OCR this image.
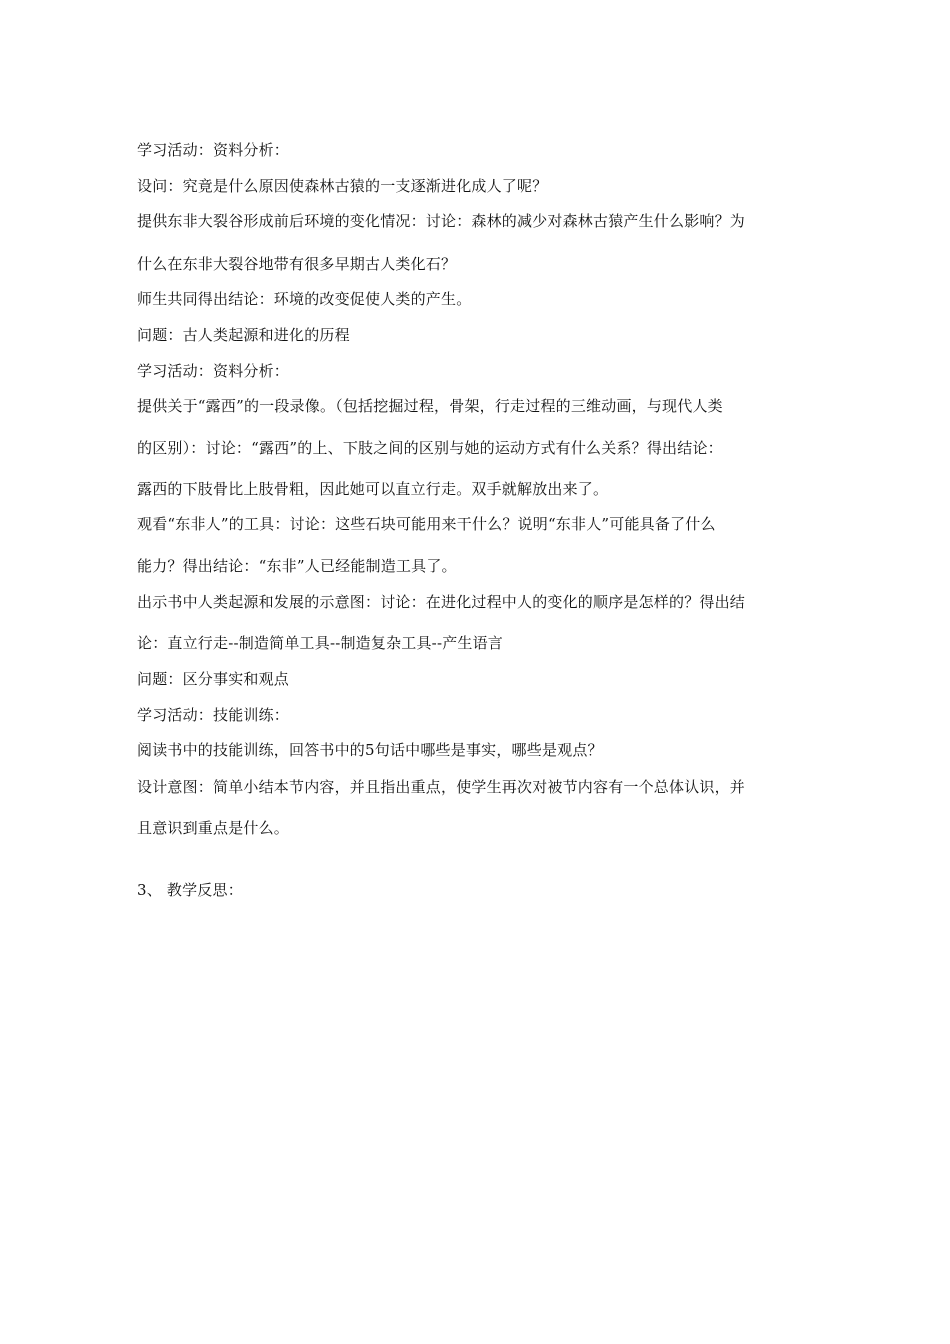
学习活动：资料分析：
设问：究竟是什么原因使森林古猿的一支逐渐进化成人了呢？
提供东非大裂谷形成前后环境的变化情况：讨论：森林的减少对森林古猿产生什么影响？为
什么在东非大裂谷地带有很多早期古人类化石？
师生共同得出结论：环境的改变促使人类的产生。
问题：古人类起源和进化的历程
学习活动：资料分析：
提供关于“露西”的一段录像。（包括挖掘过程，骨架，行走过程的三维动画，与现代人类
的区别）：讨论：“露西”的上、下肢之间的区别与她的运动方式有什么关系？得出结论：
露西的下肢骨比上肢骨粗，因此她可以直立行走。双手就解放出来了。
观看“东非人”的工具：讨论：这些石块可能用来干什么？说明“东非人”可能具备了什么
能力？得出结论：“东非”人已经能制造工具了。
出示书中人类起源和发展的示意图：讨论：在进化过程中人的变化的顺序是怎样的？得出结
论：直立行走--制造简单工具--制造复杂工具--产生语言
问题：区分事实和观点
学习活动：技能训练：
阅读书中的技能训练，回答书中的5句话中哪些是事实，哪些是观点？
设计意图：简单小结本节内容，并且指出重点，使学生再次对被节内容有一个总体认识，并
且意识到重点是什么。
3、 教学反思：
